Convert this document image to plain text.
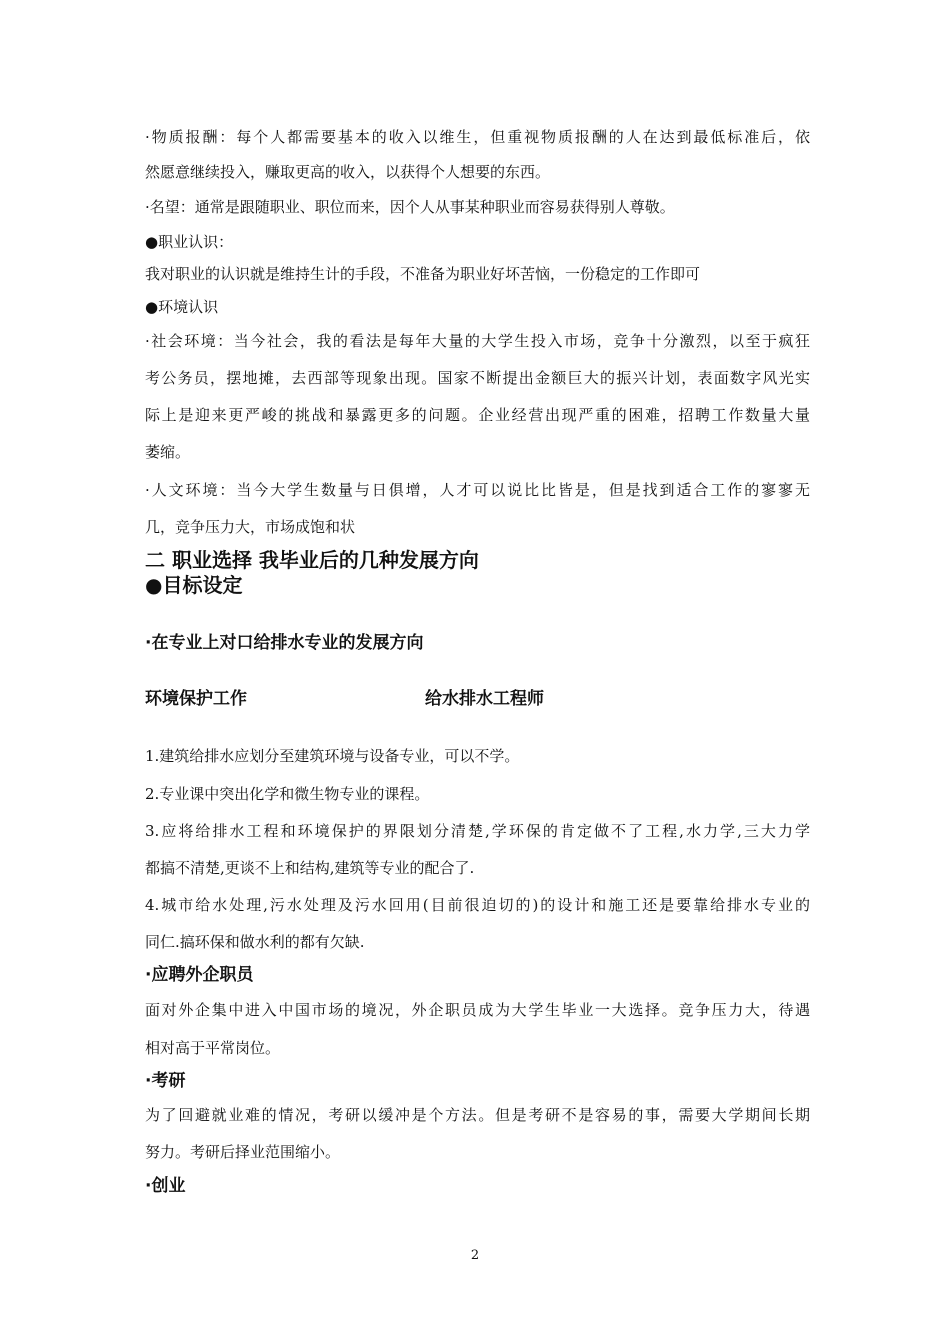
·物质报酬：每个人都需要基本的收入以维生，但重视物质报酬的人在达到最低标准后，依
然愿意继续投入，赚取更高的收入，以获得个人想要的东西。
·名望：通常是跟随职业、职位而来，因个人从事某种职业而容易获得别人尊敬。
●职业认识：
我对职业的认识就是维持生计的手段，不准备为职业好坏苦恼，一份稳定的工作即可
●环境认识
·社会环境：当今社会，我的看法是每年大量的大学生投入市场，竞争十分激烈，以至于疯狂
考公务员，摆地摊，去西部等现象出现。国家不断提出金额巨大的振兴计划，表面数字风光实
际上是迎来更严峻的挑战和暴露更多的问题。企业经营出现严重的困难，招聘工作数量大量
萎缩。
·人文环境：当今大学生数量与日俱增，人才可以说比比皆是，但是找到适合工作的寥寥无
几，竞争压力大，市场成饱和状
二 职业选择 我毕业后的几种发展方向
●目标设定
·在专业上对口给排水专业的发展方向
环境保护工作	给水排水工程师
1.建筑给排水应划分至建筑环境与设备专业，可以不学。
2.专业课中突出化学和微生物专业的课程。
3.应将给排水工程和环境保护的界限划分清楚,学环保的肯定做不了工程,水力学,三大力学
都搞不清楚,更谈不上和结构,建筑等专业的配合了.
4.城市给水处理,污水处理及污水回用(目前很迫切的)的设计和施工还是要靠给排水专业的
同仁.搞环保和做水利的都有欠缺.
·应聘外企职员
面对外企集中进入中国市场的境况，外企职员成为大学生毕业一大选择。竞争压力大，待遇
相对高于平常岗位。
·考研
为了回避就业难的情况，考研以缓冲是个方法。但是考研不是容易的事，需要大学期间长期
努力。考研后择业范围缩小。
·创业
2
